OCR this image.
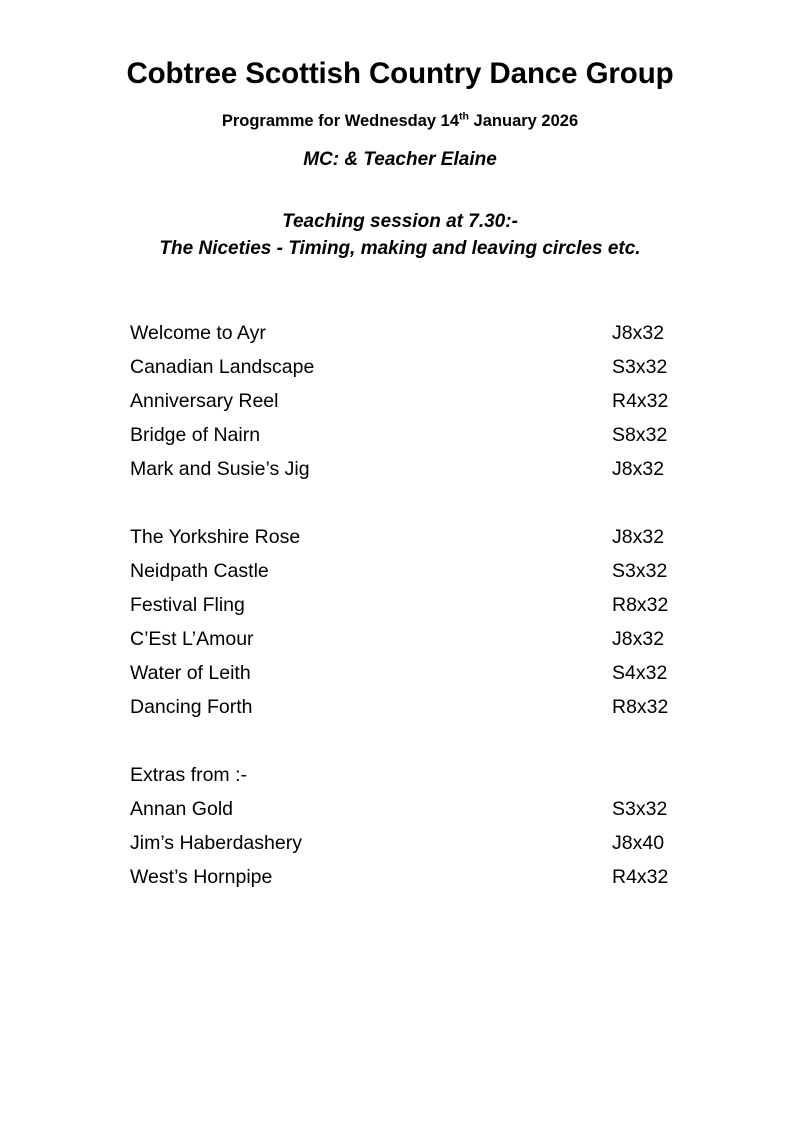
Cobtree Scottish Country Dance Group

Programme for Wednesday 14th January 2026

MC: & Teacher Elaine

Teaching session at 7.30:-

The Niceties - Timing, making and leaving circles etc.

Welcome to Ayr	J8x32
Canadian Landscape	S3x32
Anniversary Reel	R4x32
Bridge of Nairn	S8x32
Mark and Susie’s Jig	J8x32
The Yorkshire Rose	J8x32
Neidpath Castle	S3x32
Festival Fling	R8x32
C’Est L’Amour	J8x32
Water of Leith	S4x32
Dancing Forth	R8x32
Extras from :-
Annan Gold	S3x32
Jim’s Haberdashery	J8x40
West’s Hornpipe	R4x32
